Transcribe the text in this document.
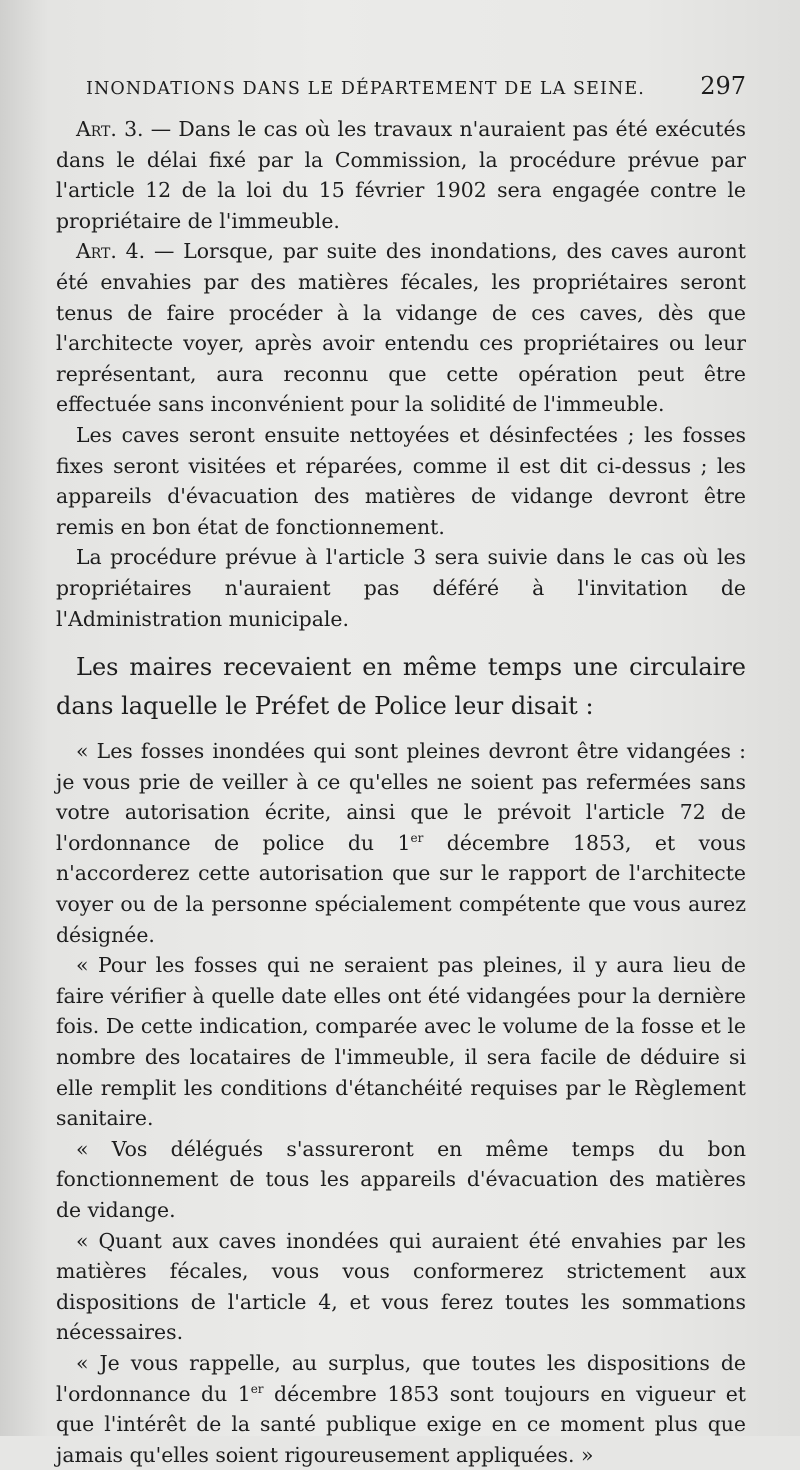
INONDATIONS DANS LE DÉPARTEMENT DE LA SEINE. 297

Art. 3. — Dans le cas où les travaux n'auraient pas été exécutés dans le délai fixé par la Commission, la procédure prévue par l'article 12 de la loi du 15 février 1902 sera engagée contre le propriétaire de l'immeuble.

Art. 4. — Lorsque, par suite des inondations, des caves auront été envahies par des matières fécales, les propriétaires seront tenus de faire procéder à la vidange de ces caves, dès que l'architecte voyer, après avoir entendu ces propriétaires ou leur représentant, aura reconnu que cette opération peut être effectuée sans inconvénient pour la solidité de l'immeuble.

Les caves seront ensuite nettoyées et désinfectées ; les fosses fixes seront visitées et réparées, comme il est dit ci-dessus ; les appareils d'évacuation des matières de vidange devront être remis en bon état de fonctionnement.

La procédure prévue à l'article 3 sera suivie dans le cas où les propriétaires n'auraient pas déféré à l'invitation de l'Administration municipale.

Les maires recevaient en même temps une circulaire dans laquelle le Préfet de Police leur disait :

« Les fosses inondées qui sont pleines devront être vidangées : je vous prie de veiller à ce qu'elles ne soient pas refermées sans votre autorisation écrite, ainsi que le prévoit l'article 72 de l'ordonnance de police du 1er décembre 1853, et vous n'accorderez cette autorisation que sur le rapport de l'architecte voyer ou de la personne spécialement compétente que vous aurez désignée.

« Pour les fosses qui ne seraient pas pleines, il y aura lieu de faire vérifier à quelle date elles ont été vidangées pour la dernière fois. De cette indication, comparée avec le volume de la fosse et le nombre des locataires de l'immeuble, il sera facile de déduire si elle remplit les conditions d'étanchéité requises par le Règlement sanitaire.

« Vos délégués s'assureront en même temps du bon fonctionnement de tous les appareils d'évacuation des matières de vidange.

« Quant aux caves inondées qui auraient été envahies par les matières fécales, vous vous conformerez strictement aux dispositions de l'article 4, et vous ferez toutes les sommations nécessaires.

« Je vous rappelle, au surplus, que toutes les dispositions de l'ordonnance du 1er décembre 1853 sont toujours en vigueur et que l'intérêt de la santé publique exige en ce moment plus que jamais qu'elles soient rigoureusement appliquées. »
